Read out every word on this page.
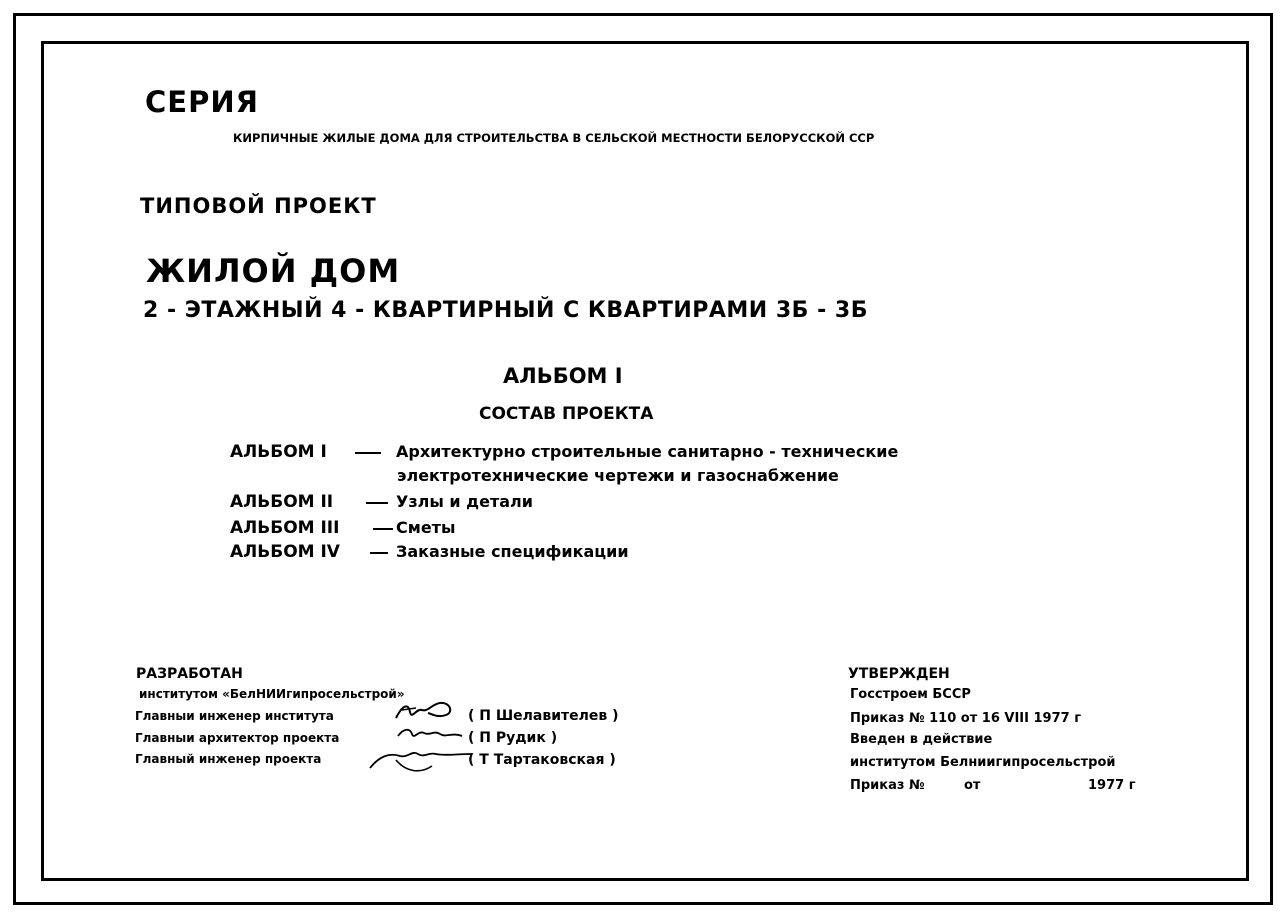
СЕРИЯ
КИРПИЧНЫЕ ЖИЛЫЕ ДОМА ДЛЯ СТРОИТЕЛЬСТВА В СЕЛЬСКОЙ МЕСТНОСТИ БЕЛОРУССКОЙ ССР
ТИПОВОЙ ПРОЕКТ
ЖИЛОЙ ДОМ
2 - ЭТАЖНЫЙ 4 - КВАРТИРНЫЙ С КВАРТИРАМИ 3Б - 3Б
АЛЬБОМ I
СОСТАВ ПРОЕКТА
АЛЬБОМ I	Архитектурно строительные санитарно - технические
электротехнические чертежи и газоснабжение
АЛЬБОМ II	Узлы и детали
АЛЬБОМ III	Сметы
АЛЬБОМ IV	Заказные спецификации
РАЗРАБОТАН
институтом «БелНИИгипросельстрой»
Главныи инженер института	( П Шелавителев )
Главныи архитектор проекта	( П Рудик )
Главный инженер проекта	( Т Тартаковская )
УТВЕРЖДЕН
Госстроем БССР
Приказ № 110 от 16 VIII 1977 г
Введен в действие
институтом Белниигипросельстрой
Приказ №	от	1977 г
